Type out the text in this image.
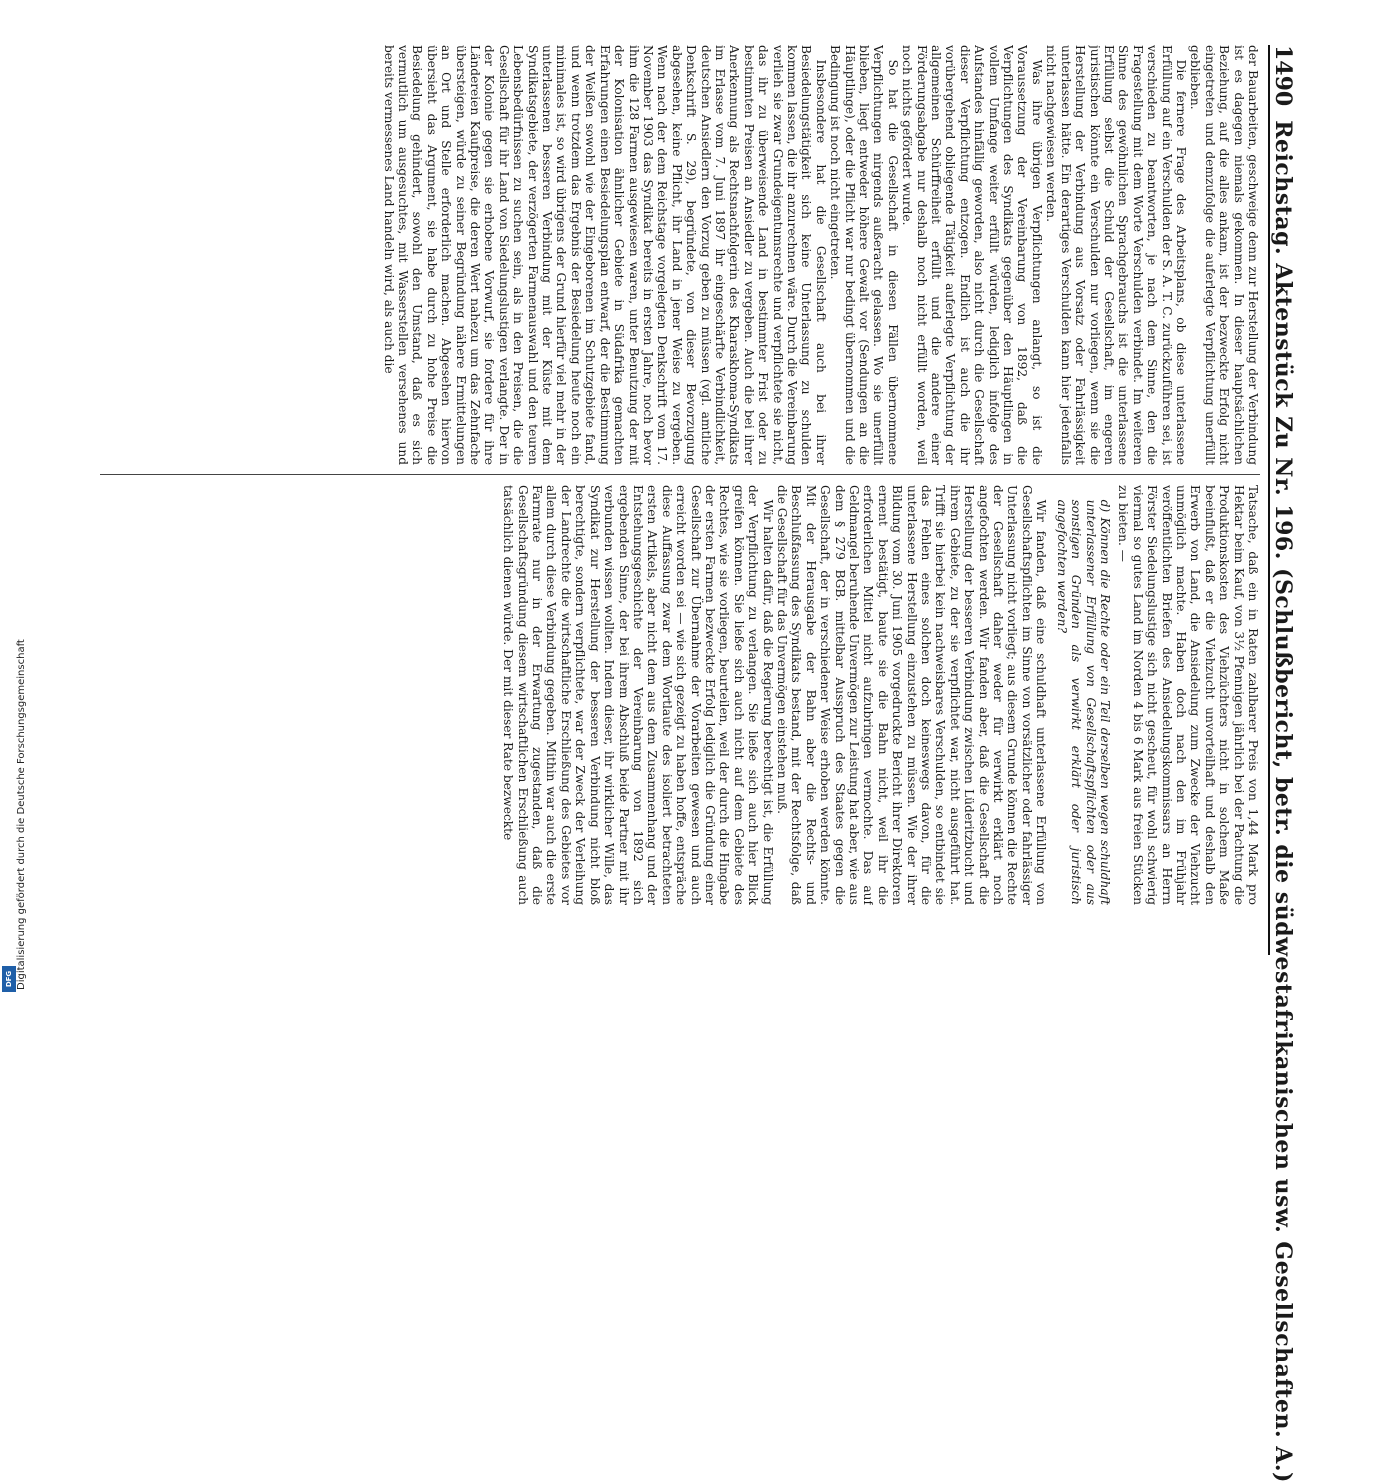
Digitalisierung gefördert durch die Deutsche Forschungsgemeinschaft
DFG
1490
Reichstag. Aktenstück Zu Nr. 196. (Schlußbericht, betr. die südwestafrikanischen usw. Gesellschaften. A.)

der Bauarbeiten, geschweige denn zur Herstellung der Verbindung ist es dagegen niemals gekommen. In dieser hauptsächlichen Beziehung, auf die alles ankam, ist der bezweckte Erfolg nicht eingetreten und demzufolge die auferlegte Verpflichtung unerfüllt geblieben.

Die fernere Frage des Arbeitsplans, ob diese unterlassene Erfüllung auf ein Verschulden der S. A. T. C. zurückzuführen sei, ist verschieden zu beantworten, je nach dem Sinne, den die Fragestellung mit dem Worte Verschulden verbindet. Im weiteren Sinne des gewöhnlichen Sprachgebrauchs ist die unterlassene Erfüllung selbst die Schuld der Gesellschaft, im engeren juristischen könnte ein Verschulden nur vorliegen, wenn sie die Herstellung der Verbindung aus Vorsatz oder Fahrlässigkeit unterlassen hätte. Ein derartiges Verschulden kann hier jedenfalls nicht nachgewiesen werden.

Was ihre übrigen Verpflichtungen anlangt, so ist die Voraussetzung der Vereinbarung von 1892, daß die Verpflichtungen des Syndikats gegenüber den Häuptlingen in vollem Umfange weiter erfüllt würden, lediglich infolge des Aufstandes hinfällig geworden, also nicht durch die Gesellschaft dieser Verpflichtung entzogen. Endlich ist auch die ihr vorübergehend obliegende Tätigkeit auferlegte Verpflichtung der allgemeinen Schürffreiheit erfüllt und die andere einer Förderungsabgabe nur deshalb noch nicht erfüllt worden, weil noch nichts gefördert wurde.

So hat die Gesellschaft in diesen Fällen übernommene Verpflichtungen nirgends außeracht gelassen. Wo sie unerfüllt blieben, liegt entweder höhere Gewalt vor (Sendungen an die Häuptlinge), oder die Pflicht war nur bedingt übernommen und die Bedingung ist noch nicht eingetreten.

Insbesondere hat die Gesellschaft auch bei ihrer Besiedelungstätigkeit sich keine Unterlassung zu schulden kommen lassen, die ihr anzurechnen wäre. Durch die Vereinbarung verlieh sie zwar Grundeigentumsrechte und verpflichtete sie nicht, das ihr zu überweisende Land in bestimmter Frist oder zu bestimmten Preisen an Ansiedler zu vergeben. Auch die bei ihrer Anerkennung als Rechtsnachfolgerin des Kharaskhoma-Syndikats im Erlasse vom 7. Juni 1897 ihr eingeschärfte Verbindlichkeit, deutschen Ansiedlern den Vorzug geben zu müssen (vgl. amtliche Denkschrift S. 29), begründete, von dieser Bevorzugung abgesehen, keine Pflicht, ihr Land in jener Weise zu vergeben. Wenn nach der dem Reichstage vorgelegten Denkschrift vom 17. November 1903 das Syndikat bereits in ersten Jahre, noch bevor ihm die 128 Farmen ausgewiesen waren, unter Benutzung der mit der Kolonisation ähnlicher Gebiete in Südafrika gemachten Erfahrungen einen Besiedelungsplan entwarf, der die Bestimmung der Weißen sowohl wie der Eingeborenen im Schutzgebiete fand, und wenn trotzdem das Ergebnis der Besiedelung heute noch ein minimales ist, so wird übrigens der Grund hierfür viel mehr in der unterlassenen besseren Verbindung mit der Küste mit dem Syndikatsgebiete, der verzögerten Farmenauswahl und den teuren Lebensbedürfnissen zu suchen sein, als in den Preisen, die die Gesellschaft für ihr Land von Siedelungslustigen verlangte. Der in der Kolonie gegen sie erhobene Vorwurf, sie fordere für ihre Ländereien Kaufpreise, die deren Wert nahezu um das Zehnfache übersteigen, würde zu seiner Begründung nähere Ermittelungen an Ort und Stelle erforderlich machen. Abgesehen hiervon übersieht das Argument, sie habe durch zu hohe Preise die Besiedelung gehindert, sowohl den Umstand, daß es sich vermutlich um ausgesuchtes, mit Wasserstellen versehenes und bereits vermessenes Land handeln wird, als auch die

Tatsache, daß ein in Raten zahlbarer Preis von 1,44 Mark pro Hektar beim Kauf, von 3½ Pfennigen jährlich bei der Pachtung die Produktionskosten des Viehzüchters nicht in solchem Maße beeinflußt, daß er die Viehzucht unvorteilhaft und deshalb den Erwerb von Land, die Ansiedelung zum Zwecke der Viehzucht unmöglich machte. Haben doch nach den im Frühjahr veröffentlichten Briefen des Ansiedelungskommissars an Herrn Förster Siedelungslustige sich nicht gescheut, für wohl schwierig viermal so gutes Land im Norden 4 bis 6 Mark aus freien Stücken zu bieten. —

d) Können die Rechte oder ein Teil derselben wegen schuldhaft unterlassener Erfüllung von Gesellschaftspflichten oder aus sonstigen Gründen als verwirkt erklärt oder juristisch angefochten werden?

Wir fanden, daß eine schuldhaft unterlassene Erfüllung von Gesellschaftspflichten im Sinne von vorsätzlicher oder fahrlässiger Unterlassung nicht vorliegt; aus diesem Grunde können die Rechte der Gesellschaft daher weder für verwirkt erklärt noch angefochten werden. Wir fanden aber, daß die Gesellschaft die Herstellung der besseren Verbindung zwischen Lüderitzbucht und ihrem Gebiete, zu der sie verpflichtet war, nicht ausgeführt hat. Trifft sie hierbei kein nachweisbares Verschulden, so entbindet sie das Fehlen eines solchen doch keineswegs davon, für die unterlassene Herstellung einzustehen zu müssen. Wie der ihrer Bildung vom 30. Juni 1905 vorgedruckte Bericht ihrer Direktoren ernent bestätigt, baute sie die Bahn nicht, weil ihr die erforderlichen Mittel nicht aufzubringen vermochte. Das auf Geldmangel beruhende Unvermögen zur Leistung hat aber, wie aus dem § 279 BGB. mittelbar Ausspruch des Staates gegen die Gesellschaft, der in verschiedener Weise erhoben werden könnte. Mit der Herausgabe der Bahn aber die Rechts- und Beschlußfassung des Syndikats bestand, mit der Rechtsfolge, daß die Gesellschaft für das Unvermögen einstehen muß.

Wir halten dafür, daß die Regierung berechtigt ist, die Erfüllung der Verpflichtung zu verlangen. Sie ließe sich auch hier Blick greifen können. Sie ließe sich auch nicht auf dem Gebiete des Rechtes, wie sie vorliegen, beurteilen, weil der durch die Hingabe der ersten Farmen bezweckte Erfolg lediglich die Gründung einer Gesellschaft zur Übernahme der Vorarbeiten gewesen und auch erreicht worden sei — wie sich gezeigt zu haben hoffe, entspräche diese Auffassung zwar dem Wortlaute des isoliert betrachteten ersten Artikels, aber nicht dem aus dem Zusammenhang und der Entstehungsgeschichte der Vereinbarung von 1892 sich ergebenden Sinne, der bei ihrem Abschluß beide Partner mit ihr verbunden wissen wollten. Indem dieser, ihr wirklicher Wille, das Syndikat zur Herstellung der besseren Verbindung nicht bloß berechtigte, sondern verpflichtete, war der Zweck der Verleihung der Landrechte die wirtschaftliche Erschließung des Gebietes vor allem durch diese Verbindung gegeben. Mithin war auch die erste Farmrate nur in der Erwartung zugestanden, daß die Gesellschaftsgründung diesem wirtschaftlichen Erschließung auch tatsächlich dienen würde. Der mit dieser Rate bezweckte
